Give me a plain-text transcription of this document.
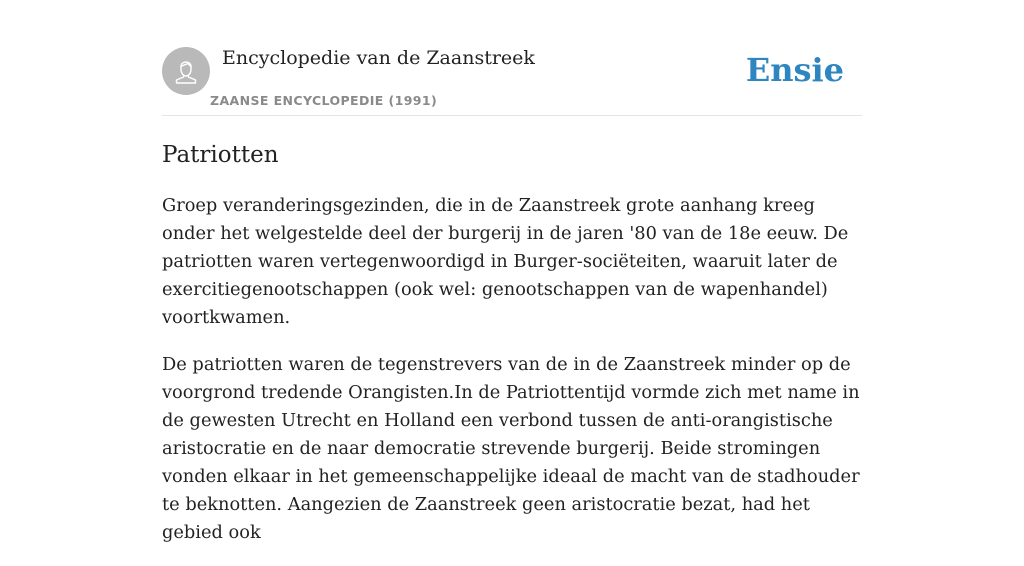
Encyclopedie van de Zaanstreek
ZAANSE ENCYCLOPEDIE (1991)
Ensie
Patriotten

Groep veranderingsgezinden, die in de Zaanstreek grote aanhang kreeg onder het welgestelde deel der burgerij in de jaren '80 van de 18e eeuw. De patriotten waren vertegenwoordigd in Burger-sociëteiten, waaruit later de exercitiegenootschappen (ook wel: genootschappen van de wapenhandel) voortkwamen.

De patriotten waren de tegenstrevers van de in de Zaanstreek minder op de voorgrond tredende Orangisten.In de Patriottentijd vormde zich met name in de gewesten Utrecht en Holland een verbond tussen de anti-orangistische aristocratie en de naar democratie strevende burgerij. Beide stromingen vonden elkaar in het gemeenschappelijke ideaal de macht van de stadhouder te beknotten. Aangezien de Zaanstreek geen aristocratie bezat, had het gebied ook
